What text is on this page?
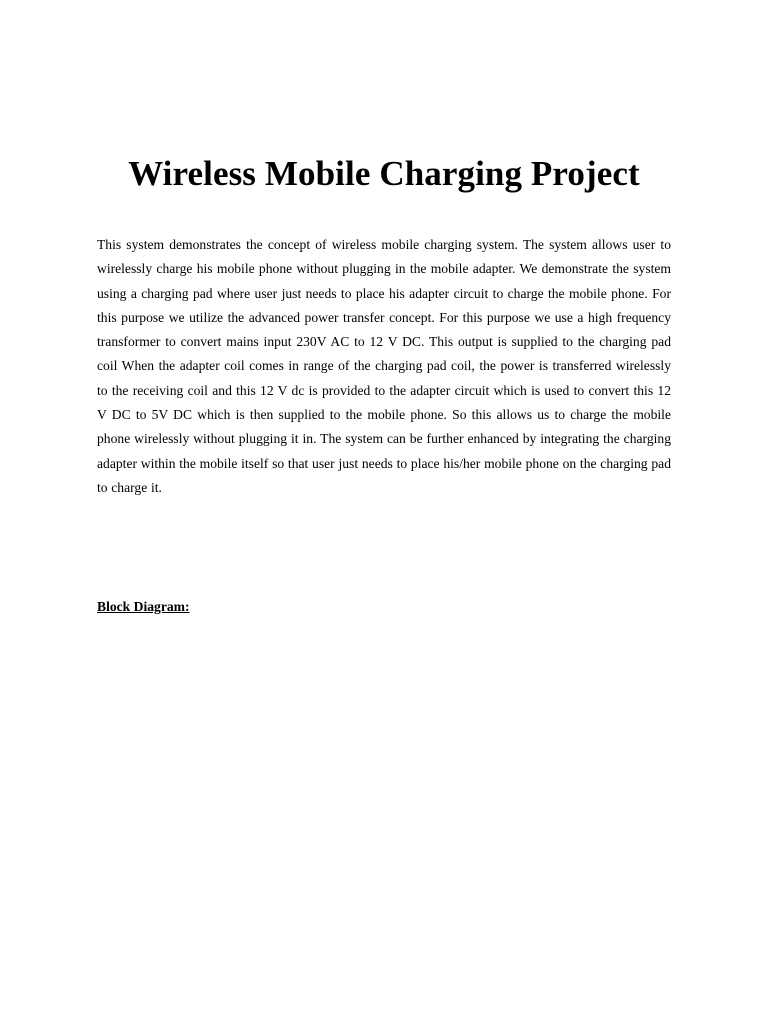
Wireless Mobile Charging Project

This system demonstrates the concept of wireless mobile charging system. The system allows user to wirelessly charge his mobile phone without plugging in the mobile adapter. We demonstrate the system using a charging pad where user just needs to place his adapter circuit to charge the mobile phone. For this purpose we utilize the advanced power transfer concept. For this purpose we use a high frequency transformer to convert mains input 230V AC to 12 V DC. This output is supplied to the charging pad coil When the adapter coil comes in range of the charging pad coil, the power is transferred wirelessly to the receiving coil and this 12 V dc is provided to the adapter circuit which is used to convert this 12 V DC to 5V DC which is then supplied to the mobile phone. So this allows us to charge the mobile phone wirelessly without plugging it in. The system can be further enhanced by integrating the charging adapter within the mobile itself so that user just needs to place his/her mobile phone on the charging pad to charge it.

Block Diagram:
